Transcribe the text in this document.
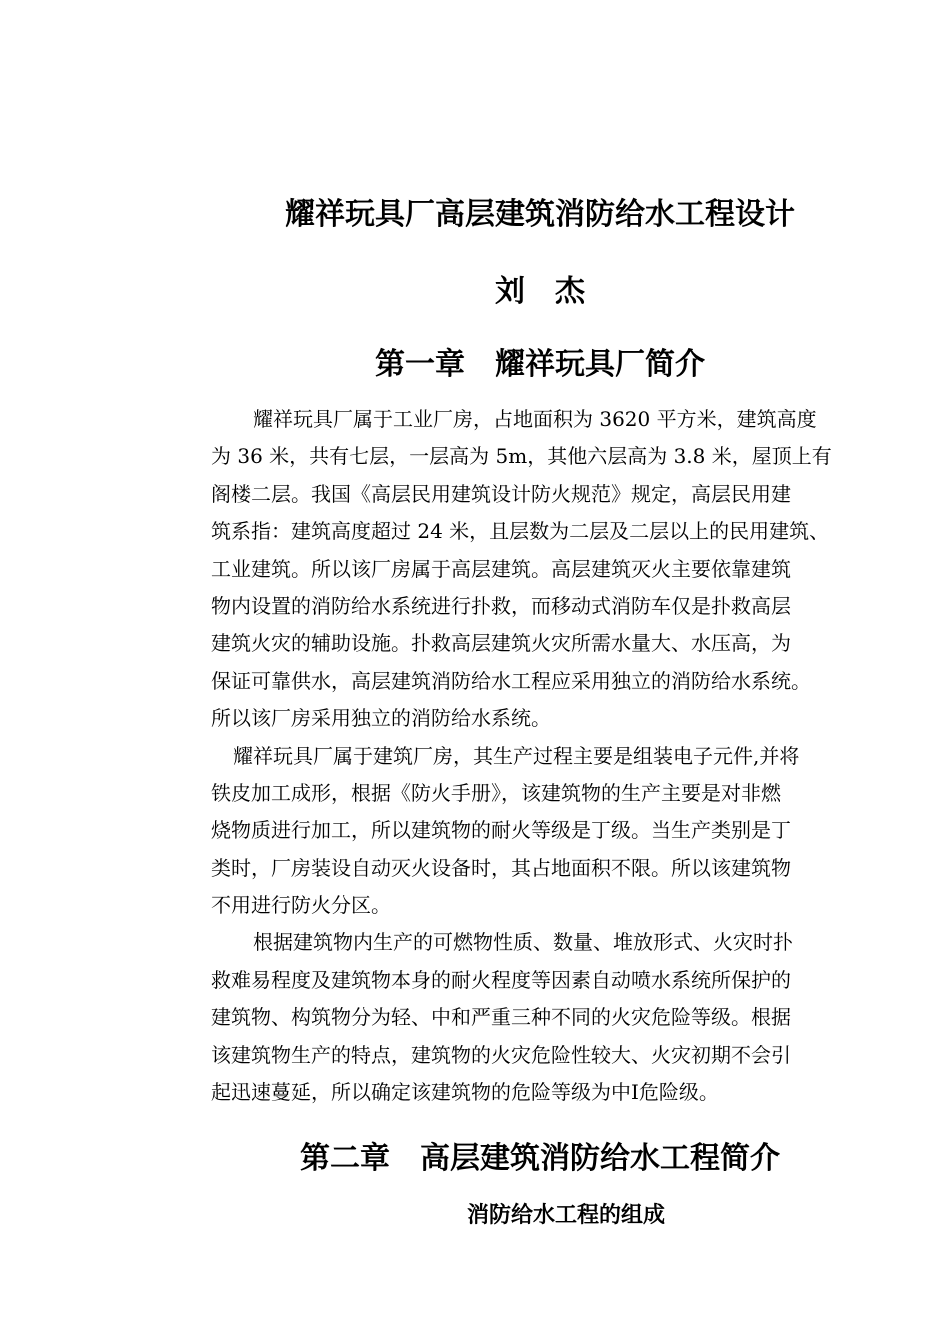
耀祥玩具厂高层建筑消防给水工程设计
刘　杰
第一章　耀祥玩具厂简介

耀祥玩具厂属于工业厂房，占地面积为 3620 平方米，建筑高度
为 36 米，共有七层，一层高为 5m，其他六层高为 3.8 米，屋顶上有
阁楼二层。我国《高层民用建筑设计防火规范》规定，高层民用建
筑系指：建筑高度超过 24 米，且层数为二层及二层以上的民用建筑、
工业建筑。所以该厂房属于高层建筑。高层建筑灭火主要依靠建筑
物内设置的消防给水系统进行扑救，而移动式消防车仅是扑救高层
建筑火灾的辅助设施。扑救高层建筑火灾所需水量大、水压高，为
保证可靠供水，高层建筑消防给水工程应采用独立的消防给水系统。
所以该厂房采用独立的消防给水系统。

耀祥玩具厂属于建筑厂房，其生产过程主要是组装电子元件,并将
铁皮加工成形，根据《防火手册》，该建筑物的生产主要是对非燃
烧物质进行加工，所以建筑物的耐火等级是丁级。当生产类别是丁
类时，厂房装设自动灭火设备时，其占地面积不限。所以该建筑物
不用进行防火分区。

根据建筑物内生产的可燃物性质、数量、堆放形式、火灾时扑
救难易程度及建筑物本身的耐火程度等因素自动喷水系统所保护的
建筑物、构筑物分为轻、中和严重三种不同的火灾危险等级。根据
该建筑物生产的特点，建筑物的火灾危险性较大、火灾初期不会引
起迅速蔓延，所以确定该建筑物的危险等级为中Ⅰ危险级。

第二章　高层建筑消防给水工程简介
消防给水工程的组成
